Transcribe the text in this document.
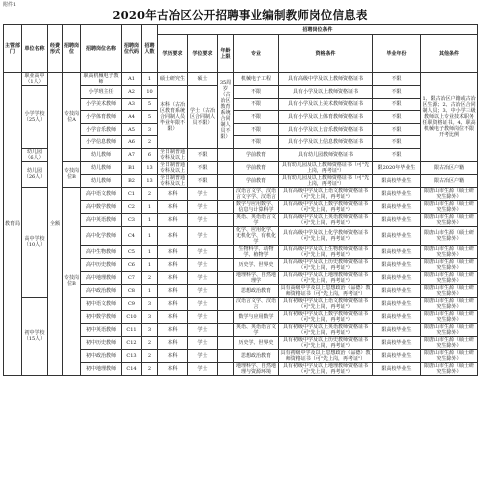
附件1
2020年古冶区公开招聘事业编制教师岗位信息表
主管部门	单位名称	经费形式	招聘岗位	招聘岗位名称	招聘岗位代码	招聘人数	招聘岗位条件						
							学历要求	学位要求	年龄上限	专业	资格条件	毕业年份	其他条件
教育局	职业高中（1人）	全额	专技岗位A	职高机械电子教师	A1	1	硕士研究生	硕士	35周岁（古冶区教育系统合同制人员不限）	机械电子工程	具有高级中学及以上教师资格证书	不限	1、限古冶区户籍或古冶区生源；2、古冶区合同制人员；3、中小学三级教师以上专业技术职务任职资格证书。4、职高机械电子教师岗位不限开考比例
	小学学校（25人）			小学班主任	A2	10	本科（古冶区教育系统合同制人员毕业年限不限）	学士（古冶区合同制人员不限）		不限	具有小学及以上教师资格证书	不限	
				小学美术教师	A3	5				不限	具有小学及以上美术教师资格证书	不限	
				小学体育教师	A4	5				不限	具有小学及以上体育教师资格证书	不限	
				小学音乐教师	A5	3				不限	具有小学及以上音乐教师资格证书	不限	
				小学信息教师	A6	2				不限	具有小学及以上信息教师资格证书	不限	
	幼儿园（6人）			幼儿教师	A7	6	全日制普通专科及以上	不限		学前教育	具有幼儿园教师资格证书	不限	
	幼儿园（26人）		专技岗位B	幼儿教师	B1	13	全日制普通专科及以上	不限		学前教育	具有幼儿园及以上教师资格证书（可"先上岗，再考证"）	限2020年毕业生	限古冶区户籍
				幼儿教师	B2	13	全日制普通专科及以上	不限		学前教育	具有幼儿园及以上教师资格证书（可"先上岗，再考证"）	限高校毕业生	限古冶区户籍
	高中学校（10人）		专技岗位B	高中语文教师	C1	2	本科	学士		汉语言文学、汉语言文字学、汉语言	具有高级中学及以上语文教师资格证书（可"先上岗，再考证"）	限高校毕业生	限唐山市生源（硕士研究生除外）
				高中数学教师	C2	1	本科	学士		数学与应用数学、信息与计算科学	具有高级中学及以上数学教师资格证书（可"先上岗，再考证"）	限高校毕业生	限唐山市生源（硕士研究生除外）
				高中英语教师	C3	1	本科	学士		英语、英语语言文学	具有高级中学及以上英语教师资格证书（可"先上岗，再考证"）	限高校毕业生	限唐山市生源（硕士研究生除外）
				高中化学教师	C4	1	本科	学士		化学、应用化学、无机化学、有机化学	具有高级中学及以上化学教师资格证书（可"先上岗，再考证"）	限高校毕业生	限唐山市生源（硕士研究生除外）
				高中生物教师	C5	1	本科	学士		生物科学、动物学、植物学	具有高级中学及以上生物教师资格证书（可"先上岗，再考证"）	限高校毕业生	限唐山市生源（硕士研究生除外）
				高中历史教师	C6	1	本科	学士		历史学、世界史	具有高级中学及以上历史教师资格证书（可"先上岗，再考证"）	限高校毕业生	限唐山市生源（硕士研究生除外）
				高中地理教师	C7	2	本科	学士		地理科学、自然地理学	具有高级中学及以上地理教师资格证书（可"先上岗，再考证"）	限高校毕业生	限唐山市生源（硕士研究生除外）
				高中政治教师	C8	1	本科	学士		思想政治教育	具有高级中学及以上思想政治（品德）教师资格证书（可"先上岗，再考证"）	限高校毕业生	限唐山市生源（硕士研究生除外）
	初中学校（15人）			初中语文教师	C9	3	本科	学士		汉语言文学、汉语言	具有初级中学及以上语文教师资格证书（可"先上岗，再考证"）	限高校毕业生	限唐山市生源（硕士研究生除外）
				初中数学教师	C10	3	本科	学士		数学与应用数学	具有初级中学及以上数学教师资格证书（可"先上岗，再考证"）	限高校毕业生	限唐山市生源（硕士研究生除外）
				初中英语教师	C11	3	本科	学士		英语、英语语言文学	具有初级中学及以上英语教师资格证书（可"先上岗，再考证"）	限高校毕业生	限唐山市生源（硕士研究生除外）
				初中历史教师	C12	2	本科	学士		历史学、世界史	具有初级中学及以上历史教师资格证书（可"先上岗，再考证"）	限高校毕业生	限唐山市生源（硕士研究生除外）
				初中政治教师	C13	2	本科	学士		思想政治教育	具有初级中学及以上思想政治（品德）教师资格证书（可"先上岗，再考证"）	限高校毕业生	限唐山市生源（硕士研究生除外）
				初中地理教师	C14	2	本科	学士		地理科学、自然地理与资源环境	具有初级中学及以上地理教师资格证书（可"先上岗，再考证"）	限高校毕业生	限唐山市生源（硕士研究生除外）
